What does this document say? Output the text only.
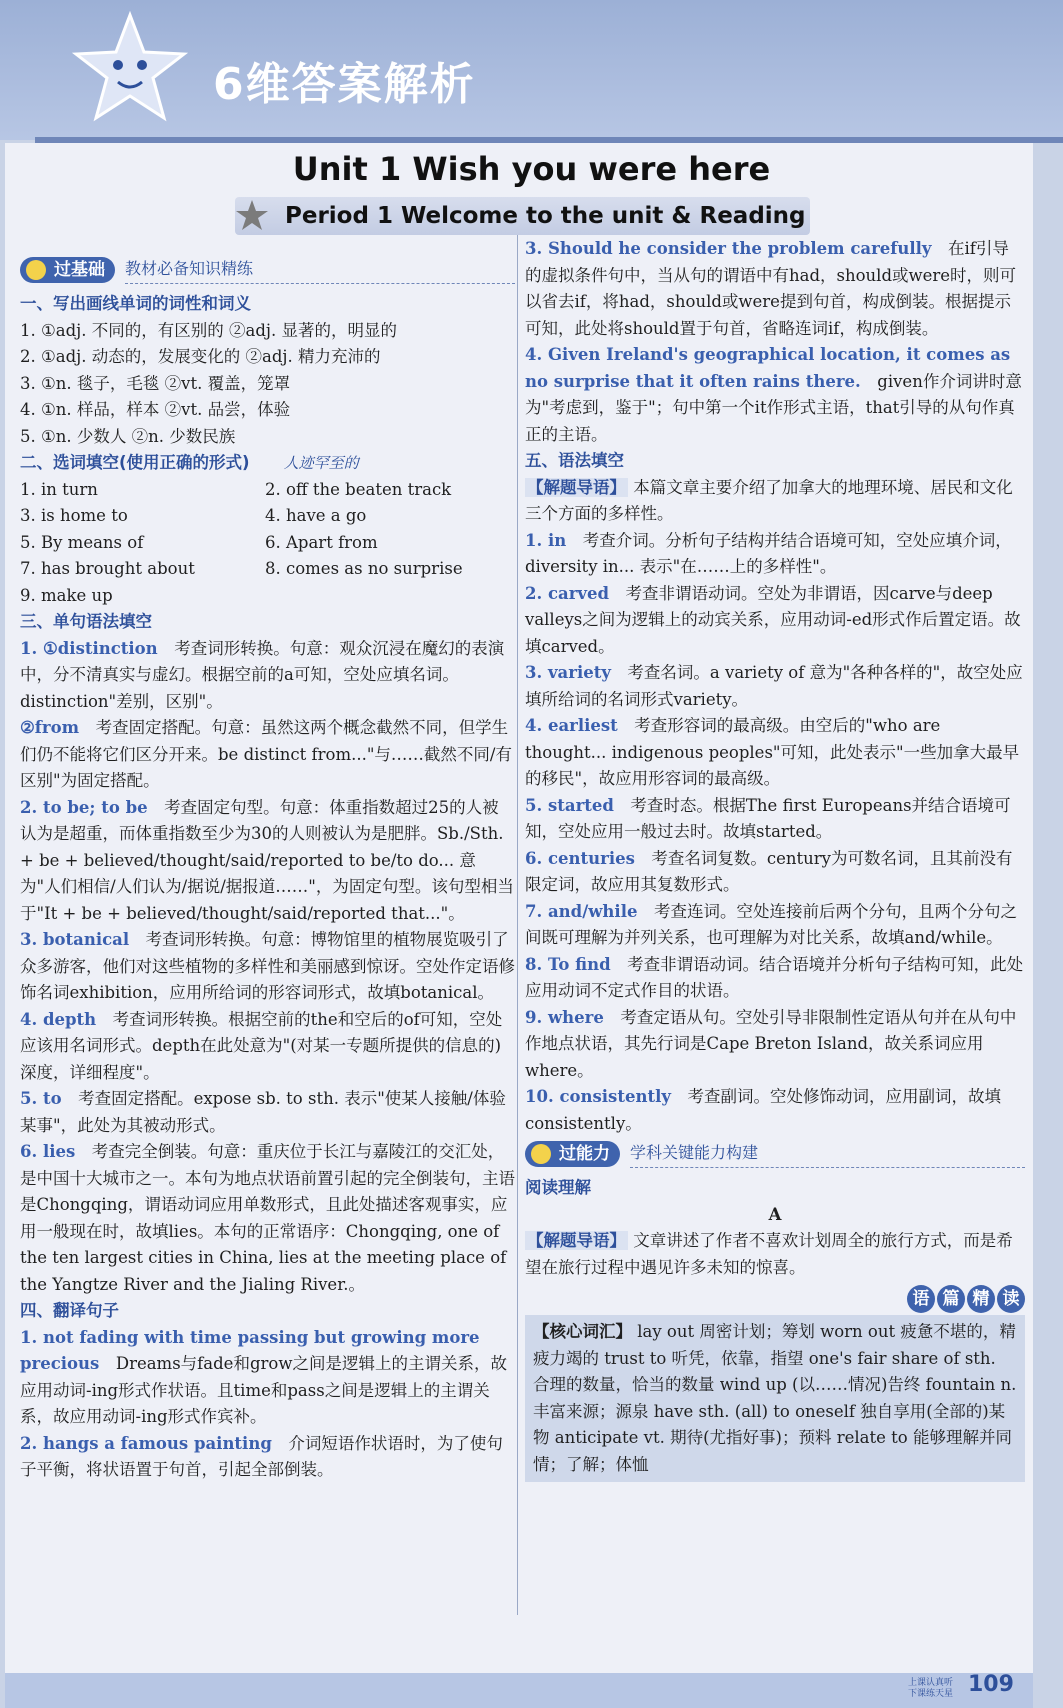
6维答案解析
Unit 1 Wish you were here
Period 1 Welcome to the unit & Reading
过基础	教材必备知识精练

一、写出画线单词的词性和词义

1. ①adj. 不同的，有区别的 ②adj. 显著的，明显的

2. ①adj. 动态的，发展变化的 ②adj. 精力充沛的

3. ①n. 毯子，毛毯 ②vt. 覆盖，笼罩

4. ①n. 样品，样本 ②vt. 品尝，体验

5. ①n. 少数人 ②n. 少数民族

二、选词填空(使用正确的形式) 人迹罕至的

1. in turn	2. off the beaten track

3. is home to	4. have a go

5. By means of	6. Apart from

7. has brought about	8. comes as no surprise

9. make up

三、单句语法填空

1. ①distinction　 考查词形转换。句意：观众沉浸在魔幻的表演中，分不清真实与虚幻。根据空前的a可知，空处应填名词。distinction"差别，区别"。

②from　 考查固定搭配。句意：虽然这两个概念截然不同，但学生们仍不能将它们区分开来。be distinct from..."与……截然不同/有区别"为固定搭配。

2. to be; to be　 考查固定句型。句意：体重指数超过25的人被认为是超重，而体重指数至少为30的人则被认为是肥胖。Sb./Sth. + be + believed/thought/said/reported to be/to do... 意为"人们相信/人们认为/据说/据报道……"，为固定句型。该句型相当于"It + be + believed/thought/said/reported that..."。

3. botanical　 考查词形转换。句意：博物馆里的植物展览吸引了众多游客，他们对这些植物的多样性和美丽感到惊讶。空处作定语修饰名词exhibition，应用所给词的形容词形式，故填botanical。

4. depth　 考查词形转换。根据空前的the和空后的of可知，空处应该用名词形式。depth在此处意为"(对某一专题所提供的信息的)深度，详细程度"。

5. to　 考查固定搭配。expose sb. to sth. 表示"使某人接触/体验某事"，此处为其被动形式。

6. lies　 考查完全倒装。句意：重庆位于长江与嘉陵江的交汇处，是中国十大城市之一。本句为地点状语前置引起的完全倒装句，主语是Chongqing，谓语动词应用单数形式，且此处描述客观事实，应用一般现在时，故填lies。本句的正常语序：Chongqing, one of the ten largest cities in China, lies at the meeting place of the Yangtze River and the Jialing River.。

四、翻译句子

1. not fading with time passing but growing more precious　 Dreams与fade和grow之间是逻辑上的主谓关系，故应用动词-ing形式作状语。且time和pass之间是逻辑上的主谓关系，故应用动词-ing形式作宾补。

2. hangs a famous painting　 介词短语作状语时，为了使句子平衡，将状语置于句首，引起全部倒装。

3. Should he consider the problem carefully　 在if引导的虚拟条件句中，当从句的谓语中有had，should或were时，则可以省去if，将had，should或were提到句首，构成倒装。根据提示可知，此处将should置于句首，省略连词if，构成倒装。

4. Given Ireland's geographical location, it comes as no surprise that it often rains there.　 given作介词讲时意为"考虑到，鉴于"；句中第一个it作形式主语，that引导的从句作真正的主语。

五、语法填空

【解题导语】 本篇文章主要介绍了加拿大的地理环境、居民和文化三个方面的多样性。

1. in　 考查介词。分析句子结构并结合语境可知，空处应填介词，diversity in... 表示"在……上的多样性"。

2. carved　 考查非谓语动词。空处为非谓语，因carve与deep valleys之间为逻辑上的动宾关系，应用动词-ed形式作后置定语。故填carved。

3. variety　 考查名词。a variety of 意为"各种各样的"，故空处应填所给词的名词形式variety。

4. earliest　 考查形容词的最高级。由空后的"who are thought... indigenous peoples"可知，此处表示"一些加拿大最早的移民"，故应用形容词的最高级。

5. started　 考查时态。根据The first Europeans并结合语境可知，空处应用一般过去时。故填started。

6. centuries　 考查名词复数。century为可数名词，且其前没有限定词，故应用其复数形式。

7. and/while　 考查连词。空处连接前后两个分句，且两个分句之间既可理解为并列关系，也可理解为对比关系，故填and/while。

8. To find　 考查非谓语动词。结合语境并分析句子结构可知，此处应用动词不定式作目的状语。

9. where　 考查定语从句。空处引导非限制性定语从句并在从句中作地点状语，其先行词是Cape Breton Island，故关系词应用where。

10. consistently　 考查副词。空处修饰动词，应用副词，故填consistently。

过能力	学科关键能力构建

阅读理解

A

【解题导语】 文章讲述了作者不喜欢计划周全的旅行方式，而是希望在旅行过程中遇见许多未知的惊喜。

语 篇 精 读
【核心词汇】 lay out 周密计划；筹划 worn out 疲惫不堪的，精疲力竭的 trust to 听凭，依靠，指望 one's fair share of sth. 合理的数量，恰当的数量 wind up (以……情况)告终 fountain n. 丰富来源；源泉 have sth. (all) to oneself 独自享用(全部的)某物 anticipate vt. 期待(尤指好事)；预料 relate to 能够理解并同情；了解；体恤
上课认真听
下课练天星 109
